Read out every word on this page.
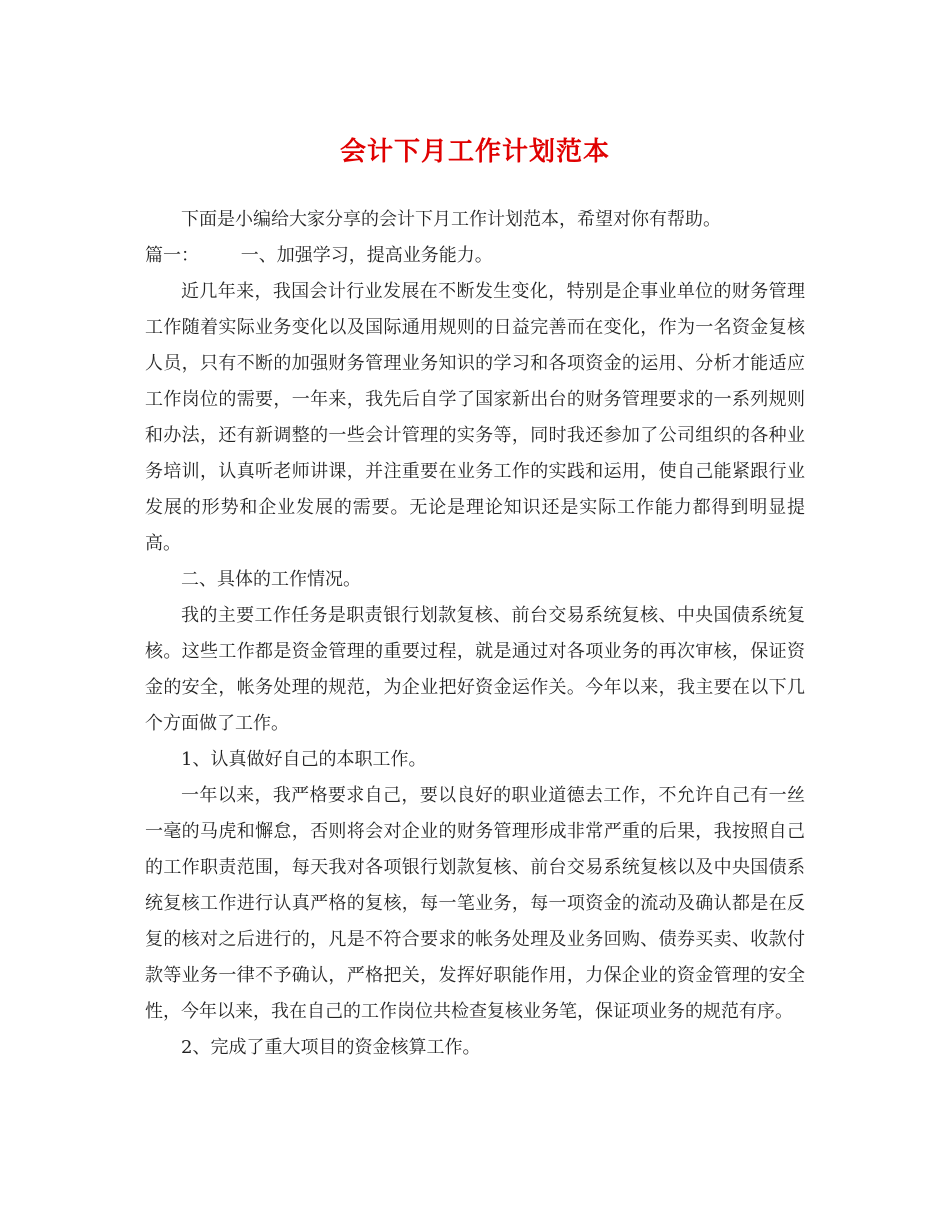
会计下月工作计划范本

下面是小编给大家分享的会计下月工作计划范本，希望对你有帮助。

篇一： 一、加强学习，提高业务能力。

近几年来，我国会计行业发展在不断发生变化，特别是企事业单位的财务管理工作随着实际业务变化以及国际通用规则的日益完善而在变化，作为一名资金复核人员，只有不断的加强财务管理业务知识的学习和各项资金的运用、分析才能适应工作岗位的需要，一年来，我先后自学了国家新出台的财务管理要求的一系列规则和办法，还有新调整的一些会计管理的实务等，同时我还参加了公司组织的各种业务培训，认真听老师讲课，并注重要在业务工作的实践和运用，使自己能紧跟行业发展的形势和企业发展的需要。无论是理论知识还是实际工作能力都得到明显提高。

二、具体的工作情况。

我的主要工作任务是职责银行划款复核、前台交易系统复核、中央国债系统复核。这些工作都是资金管理的重要过程，就是通过对各项业务的再次审核，保证资金的安全，帐务处理的规范，为企业把好资金运作关。今年以来，我主要在以下几个方面做了工作。

1、认真做好自己的本职工作。

一年以来，我严格要求自己，要以良好的职业道德去工作，不允许自己有一丝一毫的马虎和懈怠，否则将会对企业的财务管理形成非常严重的后果，我按照自己的工作职责范围，每天我对各项银行划款复核、前台交易系统复核以及中央国债系统复核工作进行认真严格的复核，每一笔业务，每一项资金的流动及确认都是在反复的核对之后进行的，凡是不符合要求的帐务处理及业务回购、债券买卖、收款付款等业务一律不予确认，严格把关，发挥好职能作用，力保企业的资金管理的安全性，今年以来，我在自己的工作岗位共检查复核业务笔，保证项业务的规范有序。

2、完成了重大项目的资金核算工作。
